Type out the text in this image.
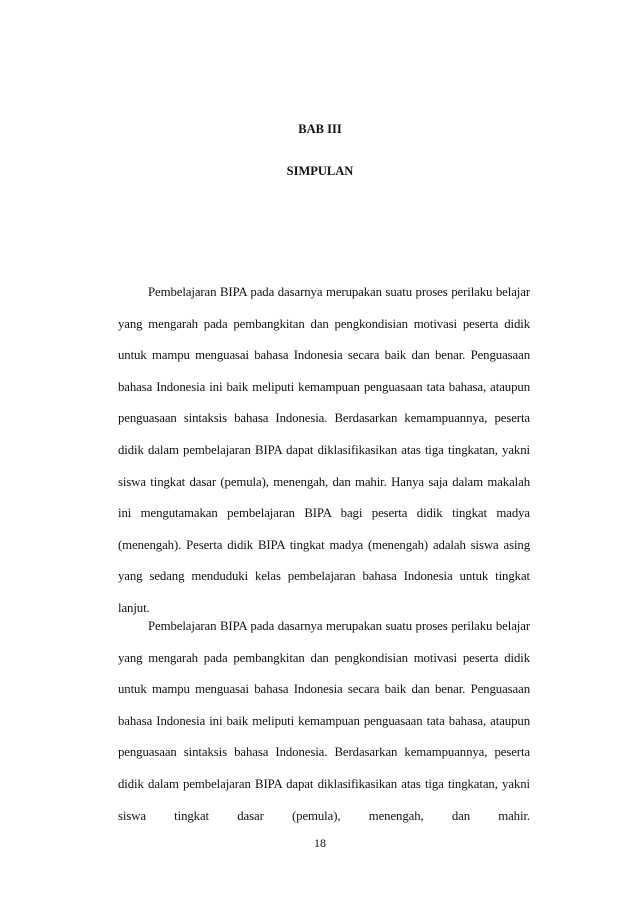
BAB III
SIMPULAN

Pembelajaran BIPA pada dasarnya merupakan suatu proses perilaku belajar yang mengarah pada pembangkitan dan pengkondisian motivasi peserta didik untuk mampu menguasai bahasa Indonesia secara baik dan benar. Penguasaan bahasa Indonesia ini baik meliputi kemampuan penguasaan tata bahasa, ataupun penguasaan sintaksis bahasa Indonesia. Berdasarkan kemampuannya, peserta didik dalam pembelajaran BIPA dapat diklasifikasikan atas tiga tingkatan, yakni siswa tingkat dasar (pemula), menengah, dan mahir. Hanya saja dalam makalah ini mengutamakan pembelajaran BIPA bagi peserta didik tingkat madya (menengah). Peserta didik BIPA tingkat madya (menengah) adalah siswa asing yang sedang menduduki kelas pembelajaran bahasa Indonesia untuk tingkat lanjut.

Pembelajaran BIPA pada dasarnya merupakan suatu proses perilaku belajar yang mengarah pada pembangkitan dan pengkondisian motivasi peserta didik untuk mampu menguasai bahasa Indonesia secara baik dan benar. Penguasaan bahasa Indonesia ini baik meliputi kemampuan penguasaan tata bahasa, ataupun penguasaan sintaksis bahasa Indonesia. Berdasarkan kemampuannya, peserta didik dalam pembelajaran BIPA dapat diklasifikasikan atas tiga tingkatan, yakni siswa tingkat dasar (pemula), menengah, dan mahir.

18
